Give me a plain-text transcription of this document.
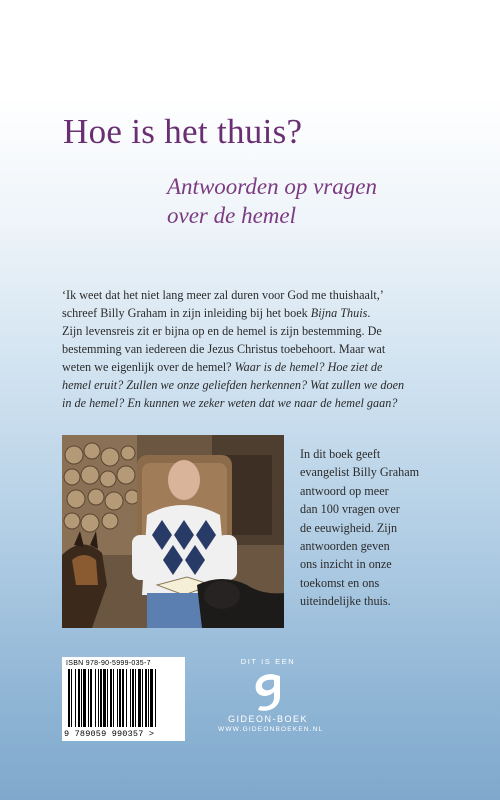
Hoe is het thuis?
Antwoorden op vragen
over de hemel
‘Ik weet dat het niet lang meer zal duren voor God me thuishaalt,’
schreef Billy Graham in zijn inleiding bij het boek Bijna Thuis.
Zijn levensreis zit er bijna op en de hemel is zijn bestemming. De
bestemming van iedereen die Jezus Christus toebehoort. Maar wat
weten we eigenlijk over de hemel? Waar is de hemel? Hoe ziet de
hemel eruit? Zullen we onze geliefden herkennen? Wat zullen we doen
in de hemel? En kunnen we zeker weten dat we naar de hemel gaan?
In dit boek geeft
evangelist Billy Graham
antwoord op meer
dan 100 vragen over
de eeuwigheid. Zijn
antwoorden geven
ons inzicht in onze
toekomst en ons
uiteindelijke thuis.
ISBN 978-90-5999-035-7
9 789059 990357 >
DIT IS EEN
GIDEON-BOEK
WWW.GIDEONBOEKEN.NL
